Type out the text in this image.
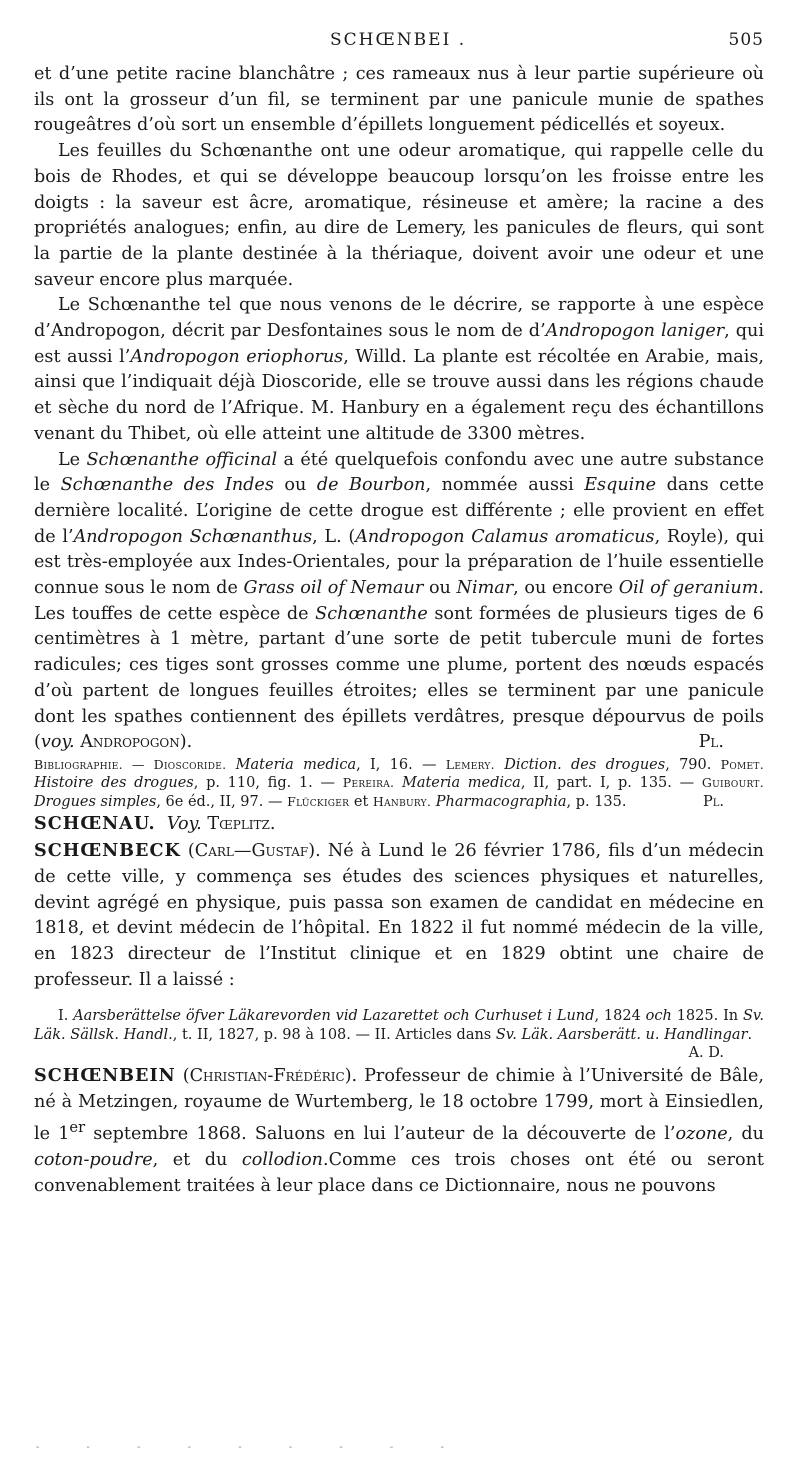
SCHŒNBEI .	505

et d’une petite racine blanchâtre ; ces rameaux nus à leur partie supérieure où ils ont la grosseur d’un fil, se terminent par une panicule munie de spathes rougeâtres d’où sort un ensemble d’épillets longuement pédicellés et soyeux.

Les feuilles du Schœnanthe ont une odeur aromatique, qui rappelle celle du bois de Rhodes, et qui se développe beaucoup lorsqu’on les froisse entre les doigts : la saveur est âcre, aromatique, résineuse et amère; la racine a des propriétés analogues; enfin, au dire de Lemery, les panicules de fleurs, qui sont la partie de la plante destinée à la thériaque, doivent avoir une odeur et une saveur encore plus marquée.

Le Schœnanthe tel que nous venons de le décrire, se rapporte à une espèce d’Andropogon, décrit par Desfontaines sous le nom de d’Andropogon laniger, qui est aussi l’Andropogon eriophorus, Willd. La plante est récoltée en Arabie, mais, ainsi que l’indiquait déjà Dioscoride, elle se trouve aussi dans les régions chaude et sèche du nord de l’Afrique. M. Hanbury en a également reçu des échantillons venant du Thibet, où elle atteint une altitude de 3300 mètres.

Le Schœnanthe officinal a été quelquefois confondu avec une autre substance le Schœnanthe des Indes ou de Bourbon, nommée aussi Esquine dans cette dernière localité. L’origine de cette drogue est différente ; elle provient en effet de l’Andropogon Schœnanthus, L. (Andropogon Calamus aromaticus, Royle), qui est très-employée aux Indes-Orientales, pour la préparation de l’huile essentielle connue sous le nom de Grass oil of Nemaur ou Nimar, ou encore Oil of geranium. Les touffes de cette espèce de Schœnanthe sont formées de plusieurs tiges de 6 centimètres à 1 mètre, partant d’une sorte de petit tubercule muni de fortes radicules; ces tiges sont grosses comme une plume, portent des nœuds espacés d’où partent de longues feuilles étroites; elles se terminent par une panicule dont les spathes contiennent des épillets verdâtres, presque dépourvus de poils (voy. Andropogon).	Pl.

Bibliographie. — Dioscoride. Materia medica, I, 16. — Lemery. Diction. des drogues, 790. Pomet. Histoire des drogues, p. 110, fig. 1. — Pereira. Materia medica, II, part. I, p. 135. — Guibourt. Drogues simples, 6e éd., II, 97. — Flückiger et Hanbury. Pharmacographia, p. 135.	Pl.

SCHŒNAU. Voy. Tœplitz.

SCHŒNBECK (Carl—Gustaf). Né à Lund le 26 février 1786, fils d’un médecin de cette ville, y commença ses études des sciences physiques et naturelles, devint agrégé en physique, puis passa son examen de candidat en médecine en 1818, et devint médecin de l’hôpital. En 1822 il fut nommé médecin de la ville, en 1823 directeur de l’Institut clinique et en 1829 obtint une chaire de professeur. Il a laissé :

I. Aarsberättelse öfver Läkarevorden vid Lazarettet och Curhuset i Lund, 1824 och 1825. In Sv. Läk. Sällsk. Handl., t. II, 1827, p. 98 à 108. — II. Articles dans Sv. Läk. Aarsberätt. u. Handlingar.
A. D.

SCHŒNBEIN (Christian-Frédéric). Professeur de chimie à l’Université de Bâle, né à Metzingen, royaume de Wurtemberg, le 18 octobre 1799, mort à Einsiedlen, le 1er septembre 1868. Saluons en lui l’auteur de la découverte de l’ozone, du coton-poudre, et du collodion.Comme ces trois choses ont été ou seront convenablement traitées à leur place dans ce Dictionnaire, nous ne pouvons

- - - - - - - - -
